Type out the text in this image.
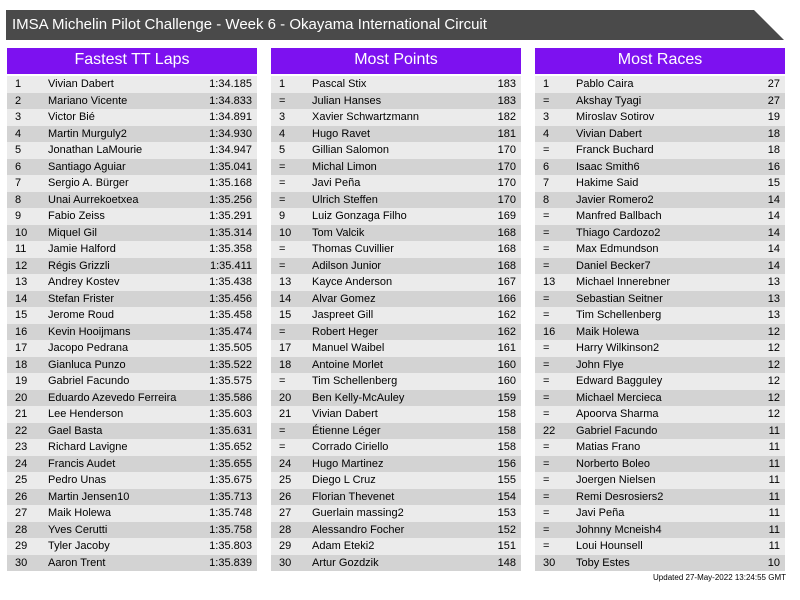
IMSA Michelin Pilot Challenge - Week 6 - Okayama International Circuit
Fastest TT Laps
1 Vivian Dabert	1:34.185
2 Mariano Vicente	1:34.833
3 Victor Bié	1:34.891
4 Martin Murguly2	1:34.930
5 Jonathan LaMourie	1:34.947
6 Santiago Aguiar	1:35.041
7 Sergio A. Bürger	1:35.168
8 Unai Aurrekoetxea	1:35.256
9 Fabio Zeiss	1:35.291
10 Miquel Gil	1:35.314
11 Jamie Halford	1:35.358
12 Régis Grizzli	1:35.411
13 Andrey Kostev	1:35.438
14 Stefan Frister	1:35.456
15 Jerome Roud	1:35.458
16 Kevin Hooijmans	1:35.474
17 Jacopo Pedrana	1:35.505
18 Gianluca Punzo	1:35.522
19 Gabriel Facundo	1:35.575
20 Eduardo Azevedo Ferreira	1:35.586
21 Lee Henderson	1:35.603
22 Gael Basta	1:35.631
23 Richard Lavigne	1:35.652
24 Francis Audet	1:35.655
25 Pedro Unas	1:35.675
26 Martin Jensen10	1:35.713
27 Maik Holewa	1:35.748
28 Yves Cerutti	1:35.758
29 Tyler Jacoby	1:35.803
30 Aaron Trent	1:35.839
Most Points
1 Pascal Stix	183
= Julian Hanses	183
3 Xavier Schwartzmann	182
4 Hugo Ravet	181
5 Gillian Salomon	170
= Michal Limon	170
= Javi Peña	170
= Ulrich Steffen	170
9 Luiz Gonzaga Filho	169
10 Tom Valcik	168
= Thomas Cuvillier	168
= Adilson Junior	168
13 Kayce Anderson	167
14 Alvar Gomez	166
15 Jaspreet Gill	162
= Robert Heger	162
17 Manuel Waibel	161
18 Antoine Morlet	160
= Tim Schellenberg	160
20 Ben Kelly-McAuley	159
21 Vivian Dabert	158
= Étienne Léger	158
= Corrado Ciriello	158
24 Hugo Martinez	156
25 Diego L Cruz	155
26 Florian Thevenet	154
27 Guerlain massing2	153
28 Alessandro Focher	152
29 Adam Eteki2	151
30 Artur Gozdzik	148
Most Races
1 Pablo Caira	27
= Akshay Tyagi	27
3 Miroslav Sotirov	19
4 Vivian Dabert	18
= Franck Buchard	18
6 Isaac Smith6	16
7 Hakime Said	15
8 Javier Romero2	14
= Manfred Ballbach	14
= Thiago Cardozo2	14
= Max Edmundson	14
= Daniel Becker7	14
13 Michael Innerebner	13
= Sebastian Seitner	13
= Tim Schellenberg	13
16 Maik Holewa	12
= Harry Wilkinson2	12
= John Flye	12
= Edward Bagguley	12
= Michael Mercieca	12
= Apoorva Sharma	12
22 Gabriel Facundo	11
= Matias Frano	11
= Norberto Boleo	11
= Joergen Nielsen	11
= Remi Desrosiers2	11
= Javi Peña	11
= Johnny Mcneish4	11
= Loui Hounsell	11
30 Toby Estes	10
Updated 27-May-2022 13:24:55 GMT
